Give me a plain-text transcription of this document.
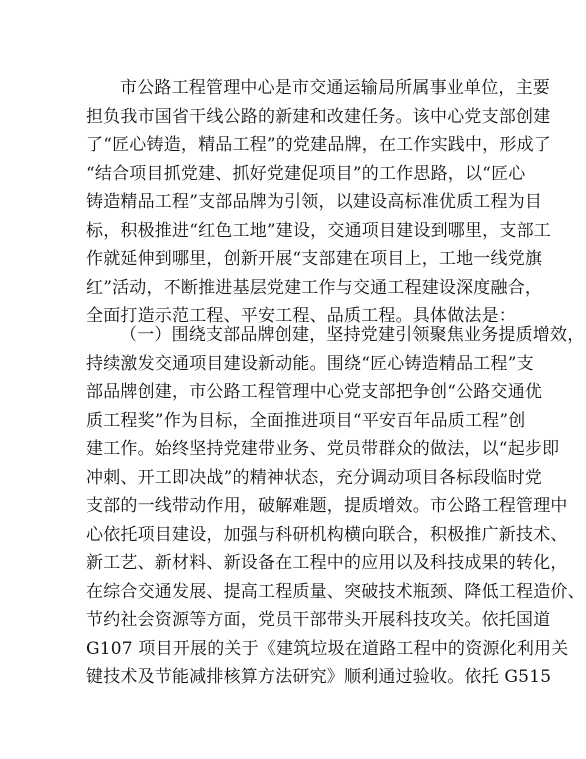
市公路工程管理中心是市交通运输局所属事业单位，主要
担负我市国省干线公路的新建和改建任务。该中心党支部创建
了“匠心铸造，精品工程”的党建品牌，在工作实践中，形成了
“结合项目抓党建、抓好党建促项目”的工作思路，以“匠心
铸造精品工程”支部品牌为引领，以建设高标准优质工程为目
标，积极推进“红色工地”建设，交通项目建设到哪里，支部工
作就延伸到哪里，创新开展“支部建在项目上，工地一线党旗
红”活动，不断推进基层党建工作与交通工程建设深度融合，
全面打造示范工程、平安工程、品质工程。具体做法是：
（一）围绕支部品牌创建，坚持党建引领聚焦业务提质增效，
持续激发交通项目建设新动能。围绕“匠心铸造精品工程”支
部品牌创建，市公路工程管理中心党支部把争创“公路交通优
质工程奖”作为目标，全面推进项目“平安百年品质工程”创
建工作。始终坚持党建带业务、党员带群众的做法，以“起步即
冲刺、开工即决战”的精神状态，充分调动项目各标段临时党
支部的一线带动作用，破解难题，提质增效。市公路工程管理中
心依托项目建设，加强与科研机构横向联合，积极推广新技术、
新工艺、新材料、新设备在工程中的应用以及科技成果的转化，
在综合交通发展、提高工程质量、突破技术瓶颈、降低工程造价、
节约社会资源等方面，党员干部带头开展科技攻关。依托国道
G107 项目开展的关于《建筑垃圾在道路工程中的资源化利用关
键技术及节能减排核算方法研究》顺利通过验收。依托 G515
